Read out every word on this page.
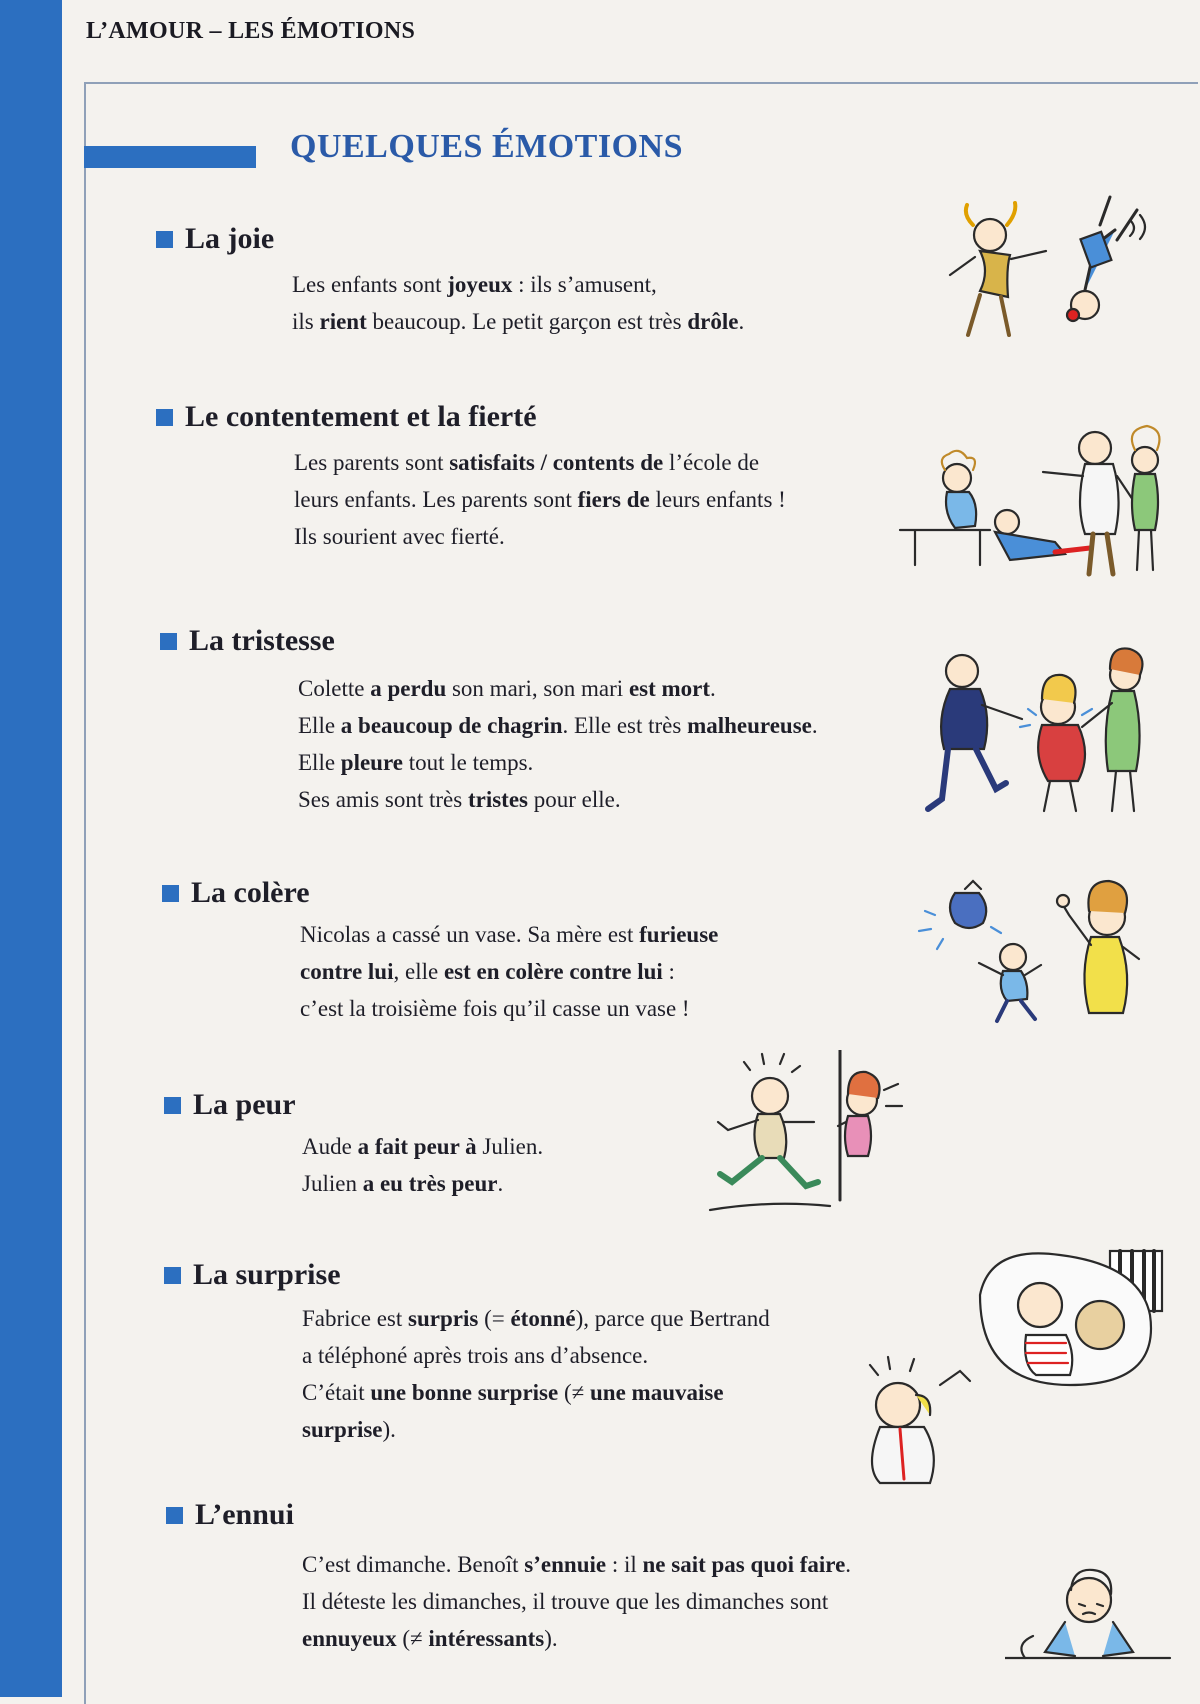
L’AMOUR – LES ÉMOTIONS
QUELQUES ÉMOTIONS
La joie
Les enfants sont joyeux : ils s’amusent,
ils rient beaucoup. Le petit garçon est très drôle.
Le contentement et la fierté
Les parents sont satisfaits / contents de l’école de
leurs enfants. Les parents sont fiers de leurs enfants !
Ils sourient avec fierté.
La tristesse
Colette a perdu son mari, son mari est mort.
Elle a beaucoup de chagrin. Elle est très malheureuse.
Elle pleure tout le temps.
Ses amis sont très tristes pour elle.
La colère
Nicolas a cassé un vase. Sa mère est furieuse
contre lui, elle est en colère contre lui :
c’est la troisième fois qu’il casse un vase !
La peur
Aude a fait peur à Julien.
Julien a eu très peur.
La surprise
Fabrice est surpris (= étonné), parce que Bertrand
a téléphoné après trois ans d’absence.
C’était une bonne surprise (≠ une mauvaise
surprise).
L’ennui
C’est dimanche. Benoît s’ennuie : il ne sait pas quoi faire.
Il déteste les dimanches, il trouve que les dimanches sont
ennuyeux (≠ intéressants).
